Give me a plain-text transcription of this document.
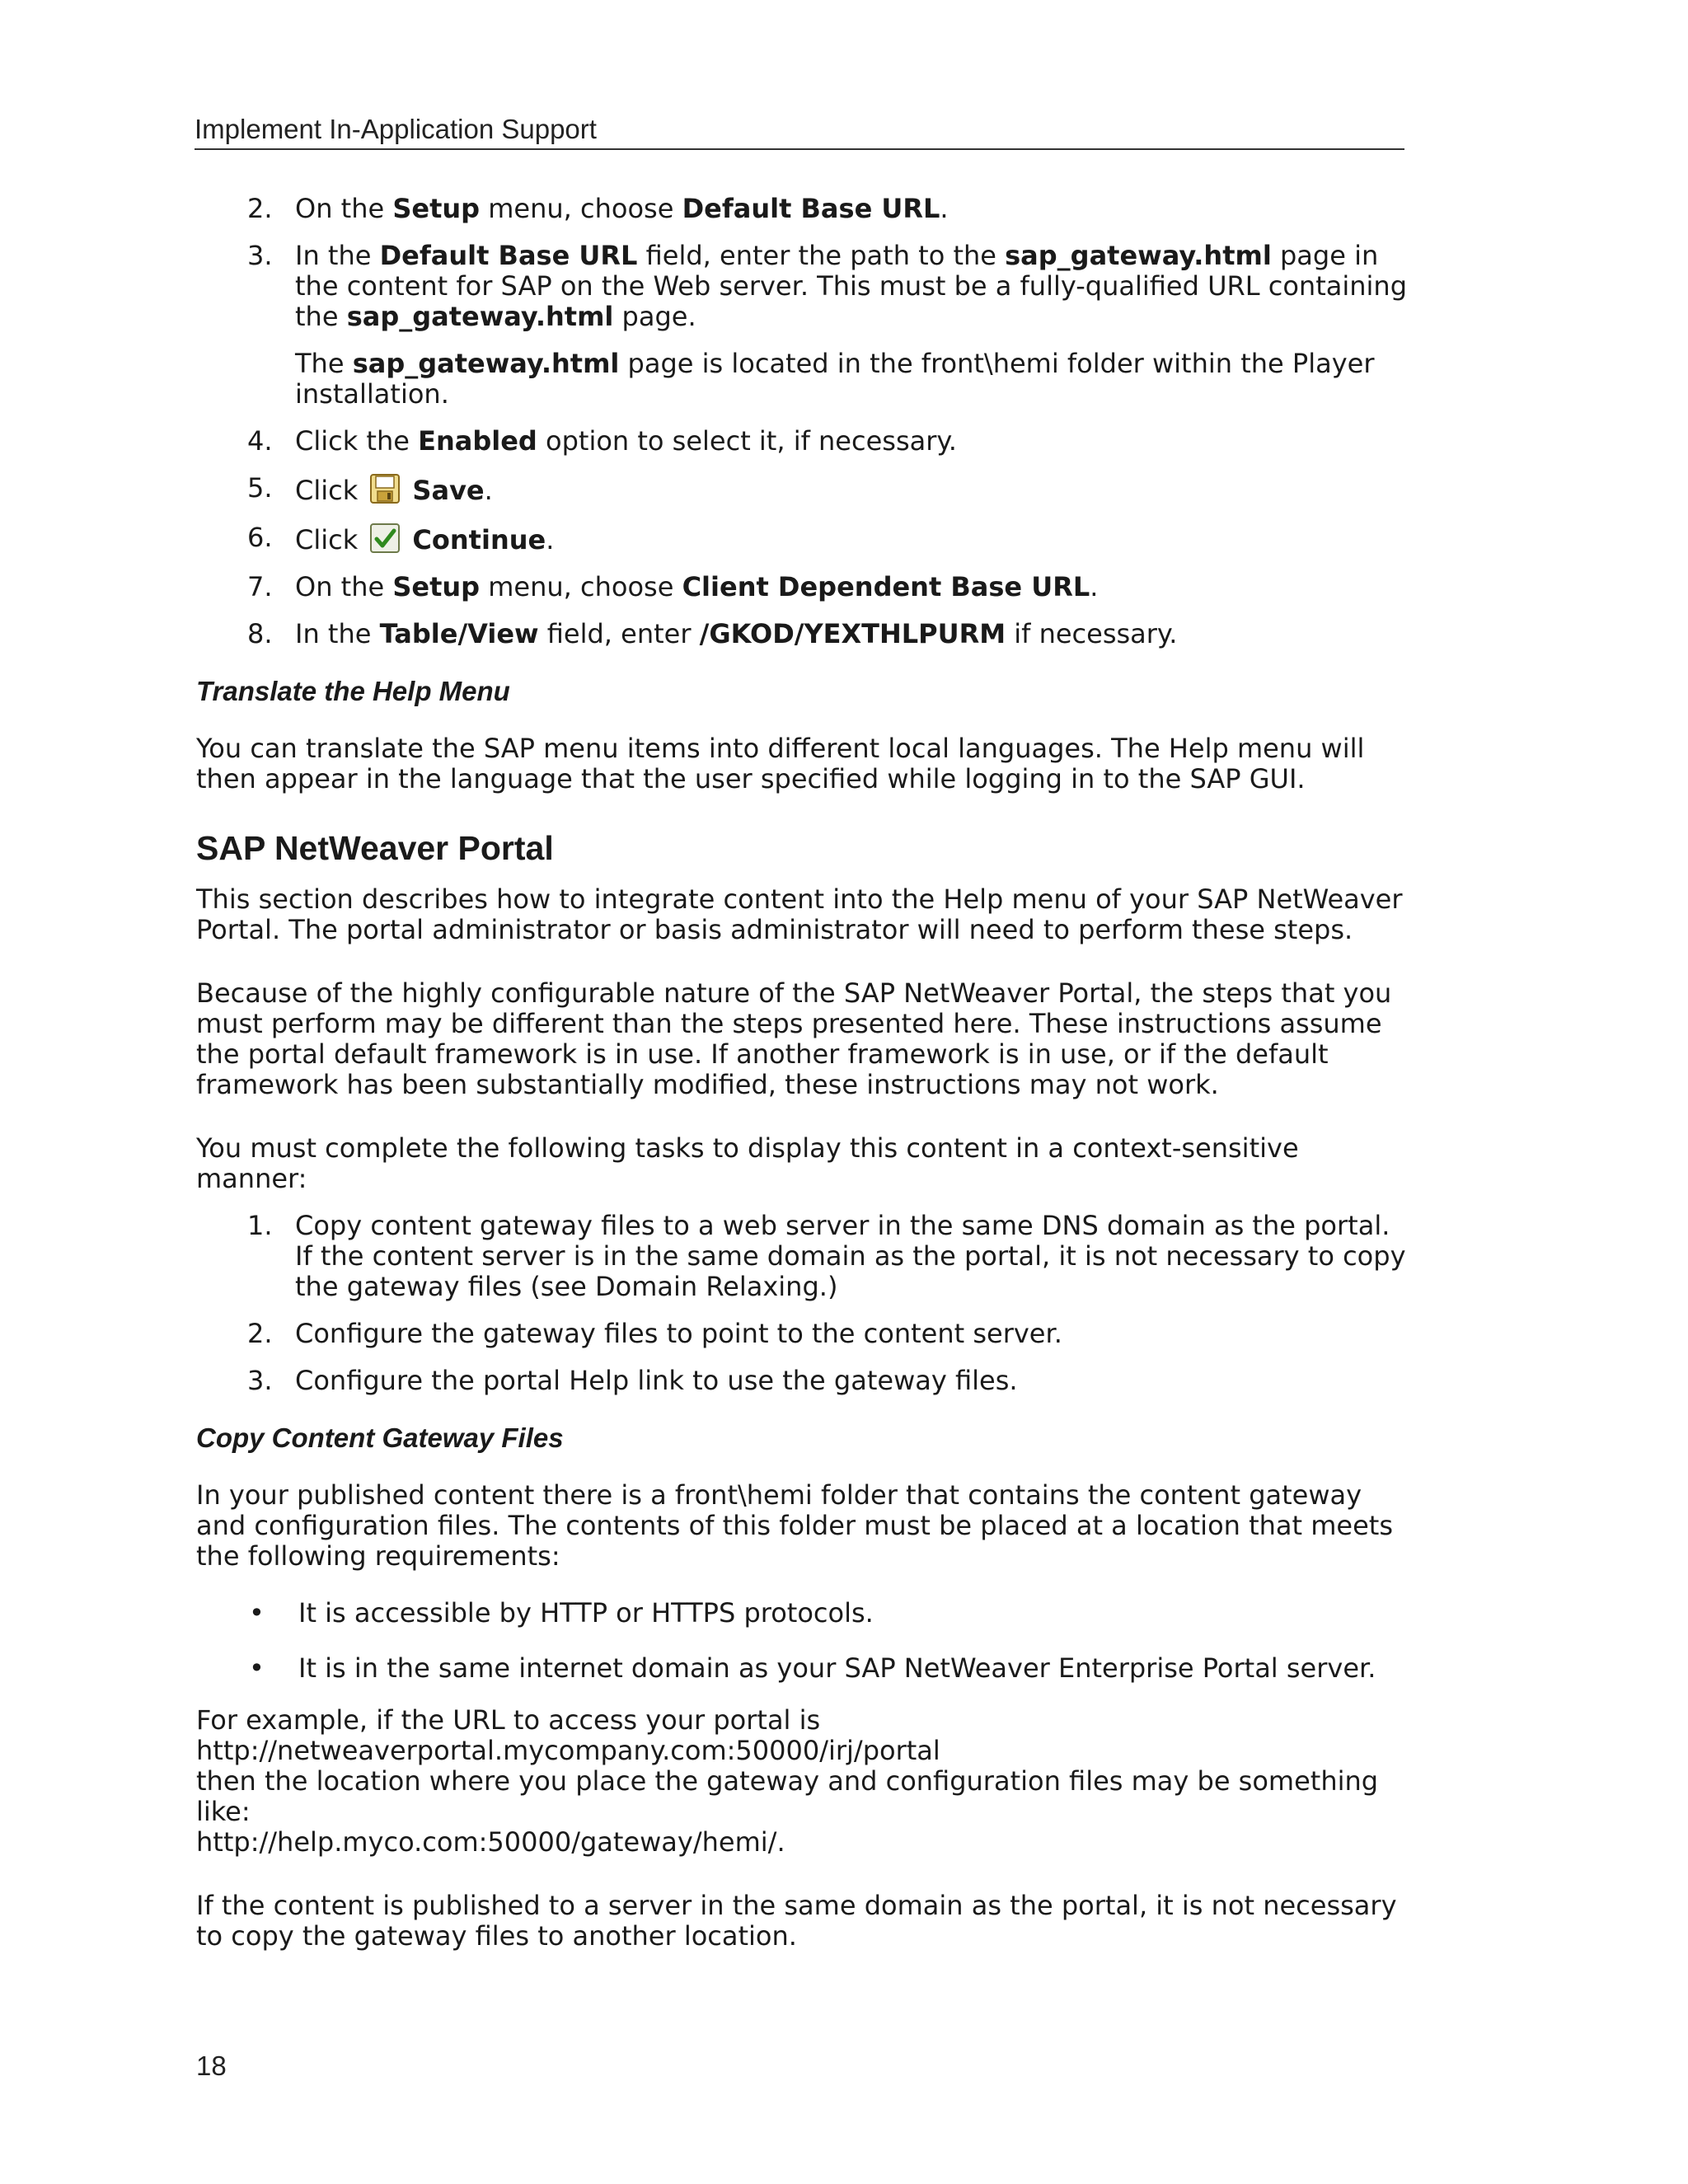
Implement In-Application Support
2. On the Setup menu, choose Default Base URL.
3. In the Default Base URL field, enter the path to the sap_gateway.html page in the content for SAP on the Web server. This must be a fully-qualified URL containing the sap_gateway.html page.
The sap_gateway.html page is located in the front\hemi folder within the Player installation.
4. Click the Enabled option to select it, if necessary.
5. Click Save.
6. Click Continue.
7. On the Setup menu, choose Client Dependent Base URL.
8. In the Table/View field, enter /GKOD/YEXTHLPURM if necessary.
Translate the Help Menu

You can translate the SAP menu items into different local languages. The Help menu will then appear in the language that the user specified while logging in to the SAP GUI.

SAP NetWeaver Portal

This section describes how to integrate content into the Help menu of your SAP NetWeaver Portal. The portal administrator or basis administrator will need to perform these steps.

Because of the highly configurable nature of the SAP NetWeaver Portal, the steps that you must perform may be different than the steps presented here. These instructions assume the portal default framework is in use. If another framework is in use, or if the default framework has been substantially modified, these instructions may not work.

You must complete the following tasks to display this content in a context-sensitive manner:

1. Copy content gateway files to a web server in the same DNS domain as the portal. If the content server is in the same domain as the portal, it is not necessary to copy the gateway files (see Domain Relaxing.)
2. Configure the gateway files to point to the content server.
3. Configure the portal Help link to use the gateway files.
Copy Content Gateway Files

In your published content there is a front\hemi folder that contains the content gateway and configuration files. The contents of this folder must be placed at a location that meets the following requirements:

• It is accessible by HTTP or HTTPS protocols.
• It is in the same internet domain as your SAP NetWeaver Enterprise Portal server.
For example, if the URL to access your portal is
http://netweaverportal.mycompany.com:50000/irj/portal
then the location where you place the gateway and configuration files may be something like:
http://help.myco.com:50000/gateway/hemi/.

If the content is published to a server in the same domain as the portal, it is not necessary to copy the gateway files to another location.

18
